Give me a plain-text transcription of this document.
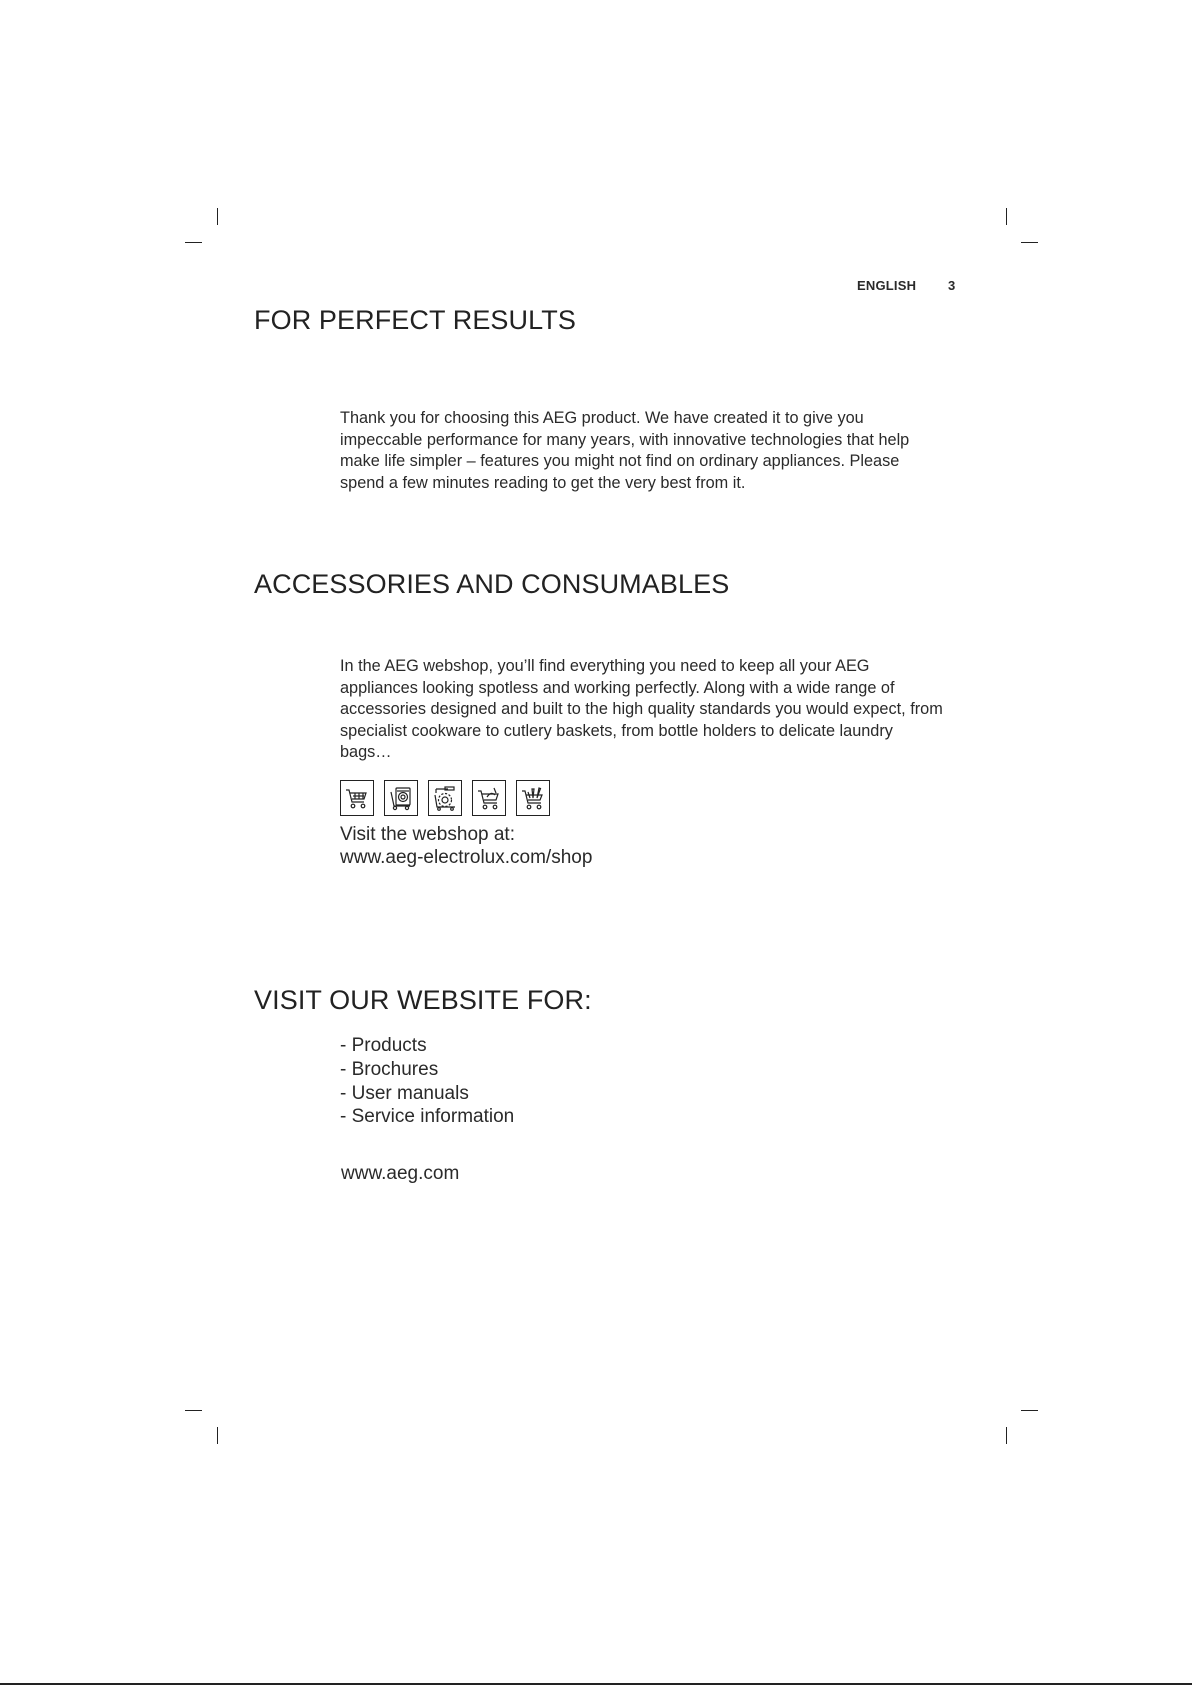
ENGLISH 3
FOR PERFECT RESULTS

Thank you for choosing this AEG product. We have created it to give you impeccable performance for many years, with innovative technologies that help make life simpler – features you might not find on ordinary appliances. Please spend a few minutes reading to get the very best from it.

ACCESSORIES AND CONSUMABLES

In the AEG webshop, you’ll find everything you need to keep all your AEG appliances looking spotless and working perfectly. Along with a wide range of accessories designed and built to the high quality standards you would expect, from specialist cookware to cutlery baskets, from bottle holders to delicate laundry bags…

Visit the webshop at:
www.aeg-electrolux.com/shop
VISIT OUR WEBSITE FOR:
- Products
- Brochures
- User manuals
- Service information
www.aeg.com
